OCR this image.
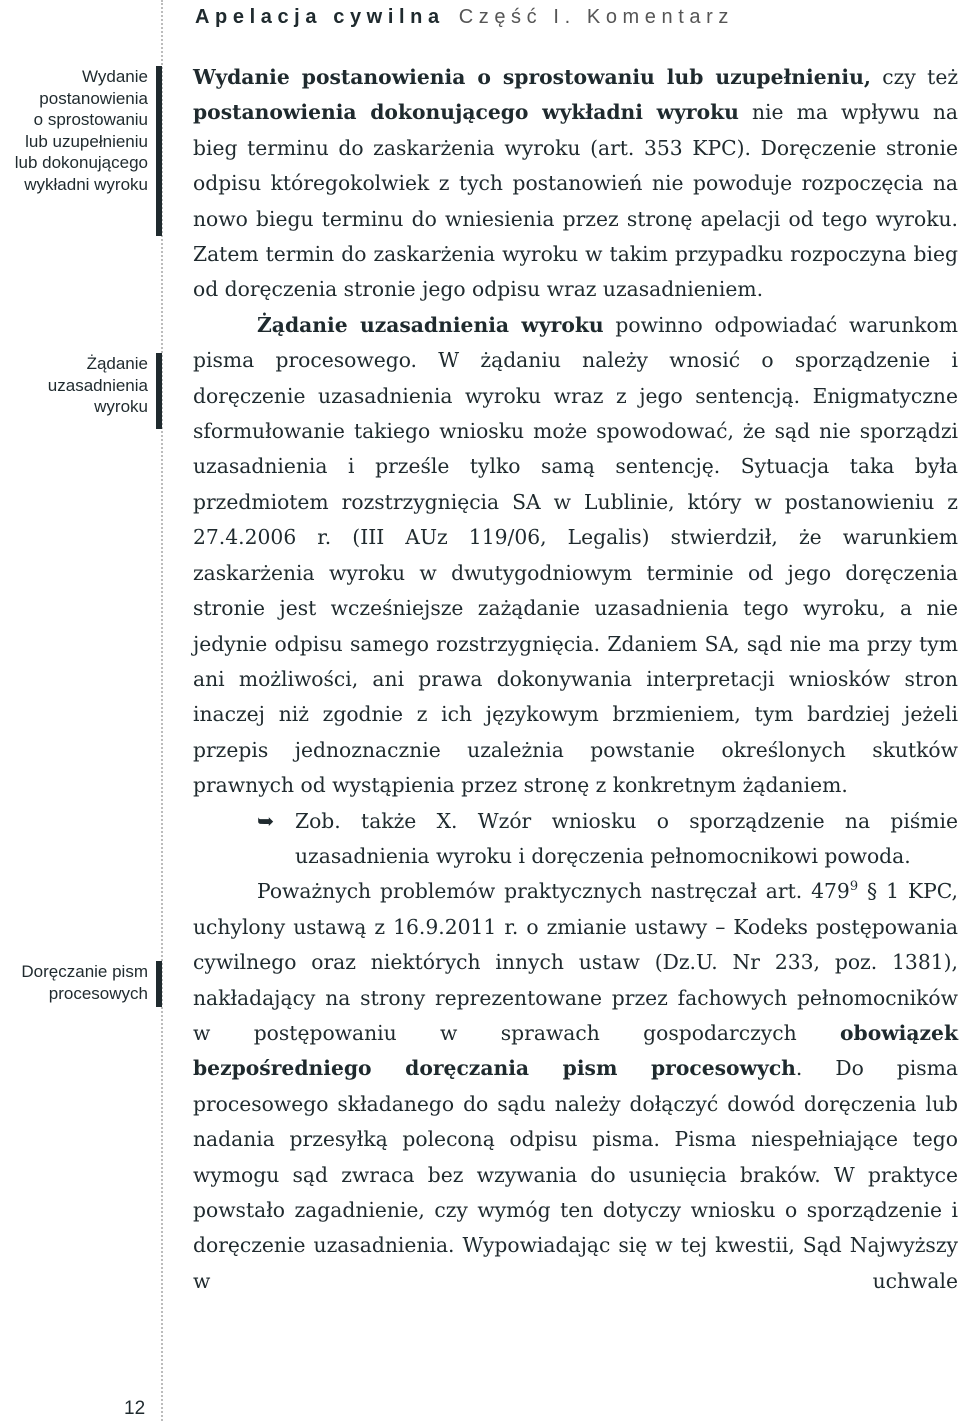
Apelacja cywilna Część I. Komentarz
Wydanie
postanowienia
o sprostowaniu
lub uzupełnieniu
lub dokonującego
wykładni wyroku
Żądanie
uzasadnienia
wyroku
Doręczanie pism
procesowych
12

Wydanie postanowienia o sprostowaniu lub uzupełnieniu, czy też postanowienia dokonującego wykładni wyroku nie ma wpływu na bieg terminu do zaskarżenia wyroku (art. 353 KPC). Doręczenie stronie odpisu któregokolwiek z tych postanowień nie powoduje rozpoczęcia na nowo biegu terminu do wniesienia przez stronę apelacji od tego wyroku. Zatem termin do zaskarżenia wyroku w takim przypadku rozpoczyna bieg od doręczenia stronie jego odpisu wraz uzasadnieniem.

Żądanie uzasadnienia wyroku powinno odpowiadać warunkom pisma procesowego. W żądaniu należy wnosić o sporządzenie i doręczenie uzasadnienia wyroku wraz z jego sentencją. Enigmatyczne sformułowanie takiego wniosku może spowodować, że sąd nie sporządzi uzasadnienia i prześle tylko samą sentencję. Sytuacja taka była przedmiotem rozstrzygnięcia SA w Lublinie, który w postanowieniu z 27.4.2006 r. (III AUz 119/06, Legalis) stwierdził, że warunkiem zaskarżenia wyroku w dwutygodniowym terminie od jego doręczenia stronie jest wcześniejsze zażądanie uzasadnienia tego wyroku, a nie jedynie odpisu samego rozstrzygnięcia. Zdaniem SA, sąd nie ma przy tym ani możliwości, ani prawa dokonywania interpretacji wniosków stron inaczej niż zgodnie z ich językowym brzmieniem, tym bardziej jeżeli przepis jednoznacznie uzależnia powstanie określonych skutków prawnych od wystąpienia przez stronę z konkretnym żądaniem.

➥ Zob. także X. Wzór wniosku o sporządzenie na piśmie uzasadnienia wyroku i doręczenia pełnomocnikowi powoda.

Poważnych problemów praktycznych nastręczał art. $479^9$ § 1 KPC, uchylony ustawą z 16.9.2011 r. o zmianie ustawy – Kodeks postępowania cywilnego oraz niektórych innych ustaw (Dz.U. Nr 233, poz. 1381), nakładający na strony reprezentowane przez fachowych pełnomocników w postępowaniu w sprawach gospodarczych obowiązek bezpośredniego doręczania pism procesowych. Do pisma procesowego składanego do sądu należy dołączyć dowód doręczenia lub nadania przesyłką poleconą odpisu pisma. Pisma niespełniające tego wymogu sąd zwraca bez wzywania do usunięcia braków. W praktyce powstało zagadnienie, czy wymóg ten dotyczy wniosku o sporządzenie i doręczenie uzasadnienia. Wypowiadając się w tej kwestii, Sąd Najwyższy w uchwale
